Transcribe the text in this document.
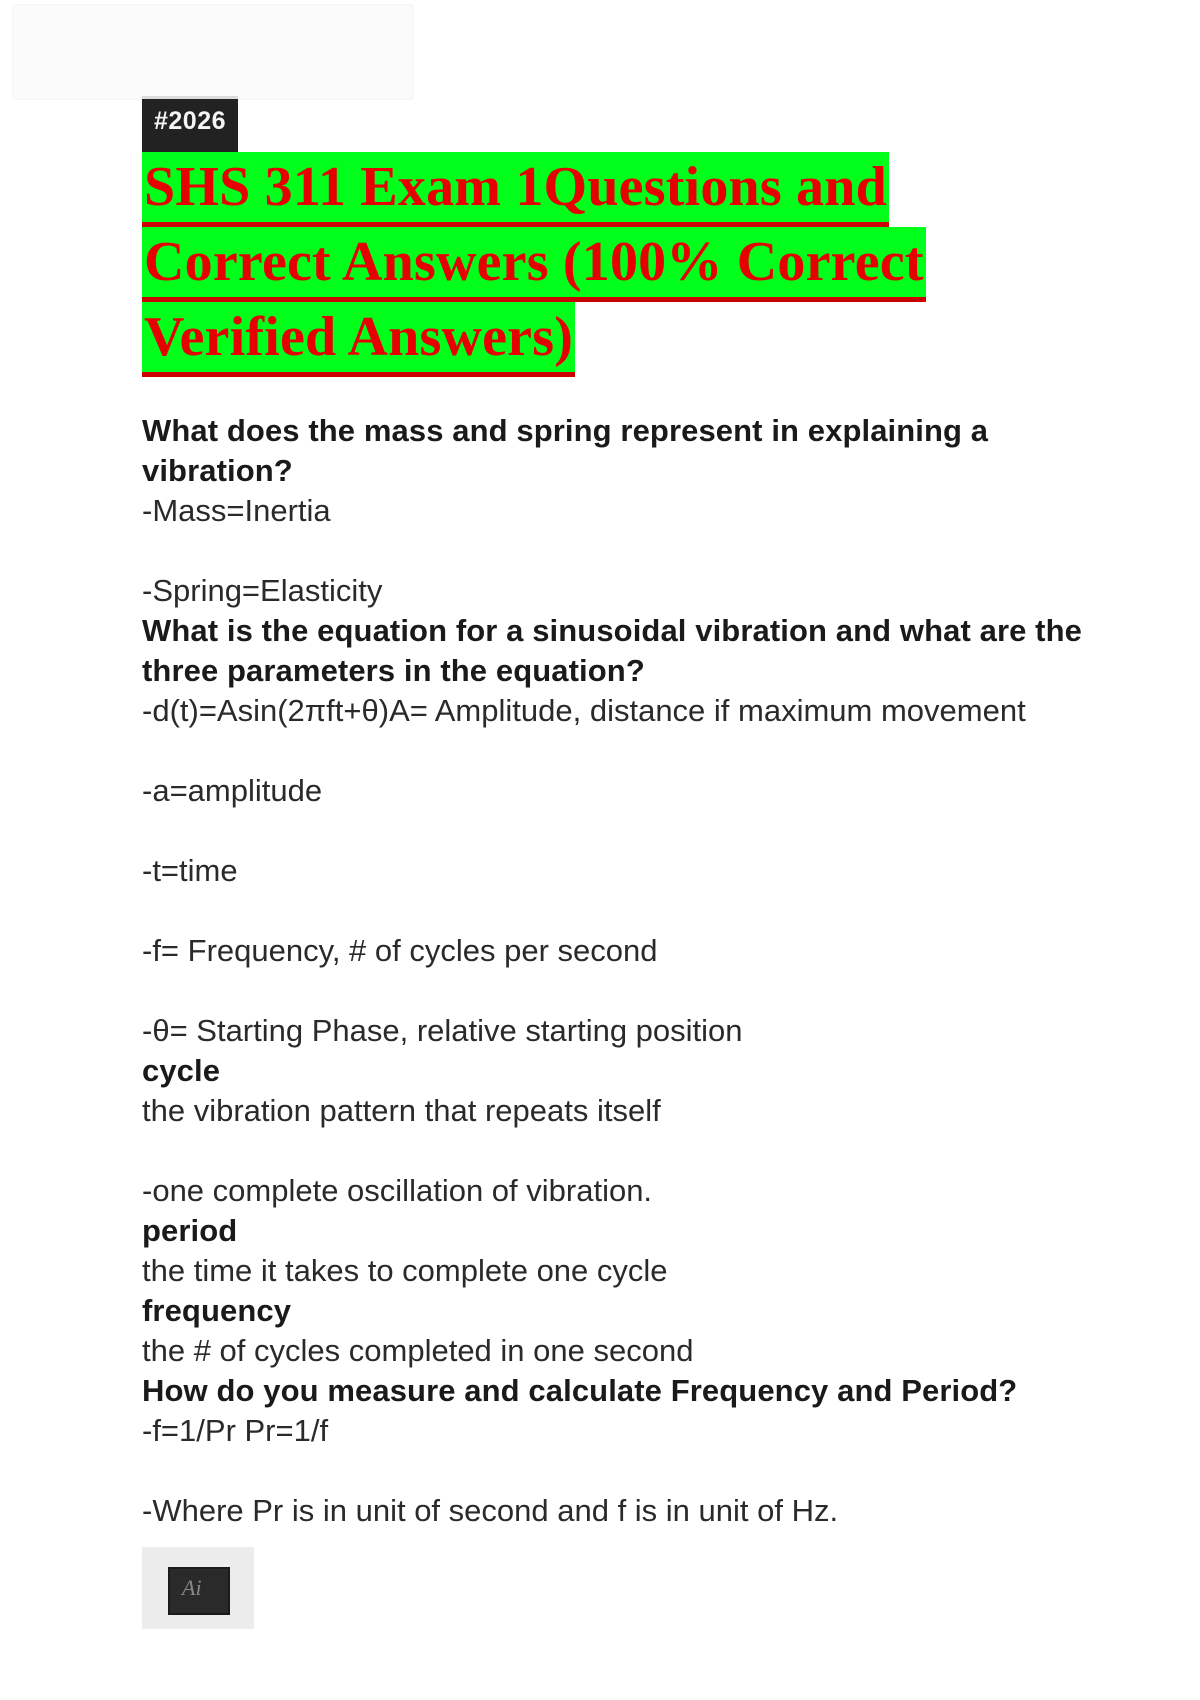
#2026
SHS 311 Exam 1Questions and
Correct Answers (100% Correct
Verified Answers)
What does the mass and spring represent in explaining a vibration?
-Mass=Inertia
-Spring=Elasticity
What is the equation for a sinusoidal vibration and what are the three parameters in the equation?
-d(t)=Asin(2πft+θ)A= Amplitude, distance if maximum movement
-a=amplitude
-t=time
-f= Frequency, # of cycles per second
-θ= Starting Phase, relative starting position
cycle
the vibration pattern that repeats itself
-one complete oscillation of vibration.
period
the time it takes to complete one cycle
frequency
the # of cycles completed in one second
How do you measure and calculate Frequency and Period?
-f=1/Pr Pr=1/f
-Where Pr is in unit of second and f is in unit of Hz.
Ai
